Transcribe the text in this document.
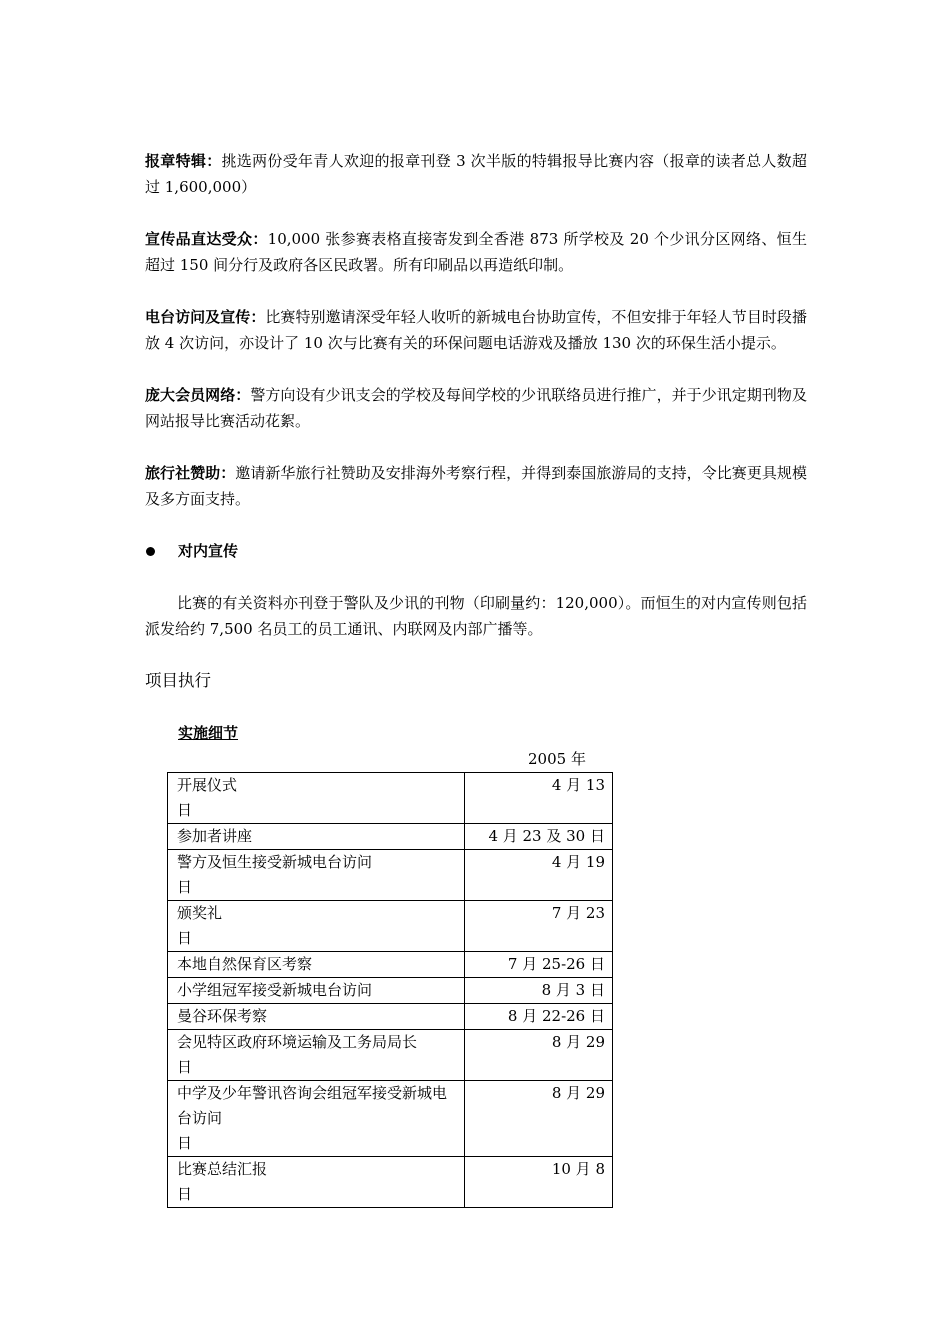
报章特辑：挑选两份受年青人欢迎的报章刊登 3 次半版的特辑报导比赛内容（报章的读者总人数超过 1,600,000）

宣传品直达受众：10,000 张参赛表格直接寄发到全香港 873 所学校及 20 个少讯分区网络、恒生超过 150 间分行及政府各区民政署。所有印刷品以再造纸印制。

电台访问及宣传：比赛特别邀请深受年轻人收听的新城电台协助宣传，不但安排于年轻人节目时段播放 4 次访问，亦设计了 10 次与比赛有关的环保问题电话游戏及播放 130 次的环保生活小提示。

庞大会员网络：警方向设有少讯支会的学校及每间学校的少讯联络员进行推广，并于少讯定期刊物及网站报导比赛活动花絮。

旅行社赞助：邀请新华旅行社赞助及安排海外考察行程，并得到泰国旅游局的支持，令比赛更具规模及多方面支持。

对内宣传

比赛的有关资料亦刊登于警队及少讯的刊物（印刷量约：120,000）。而恒生的对内宣传则包括派发给约 7,500 名员工的员工通讯、内联网及内部广播等。

项目执行
实施细节
2005 年
开展仪式
日	4 月 13

参加者讲座	4 月 23 及 30 日

警方及恒生接受新城电台访问
日	4 月 19

颁奖礼
日	7 月 23

本地自然保育区考察	7 月 25-26 日

小学组冠军接受新城电台访问	8 月 3 日

曼谷环保考察	8 月 22-26 日

会见特区政府环境运输及工务局局长
日	8 月 29

中学及少年警讯咨询会组冠军接受新城电台访问
日	8 月 29

比赛总结汇报
日	10 月 8
